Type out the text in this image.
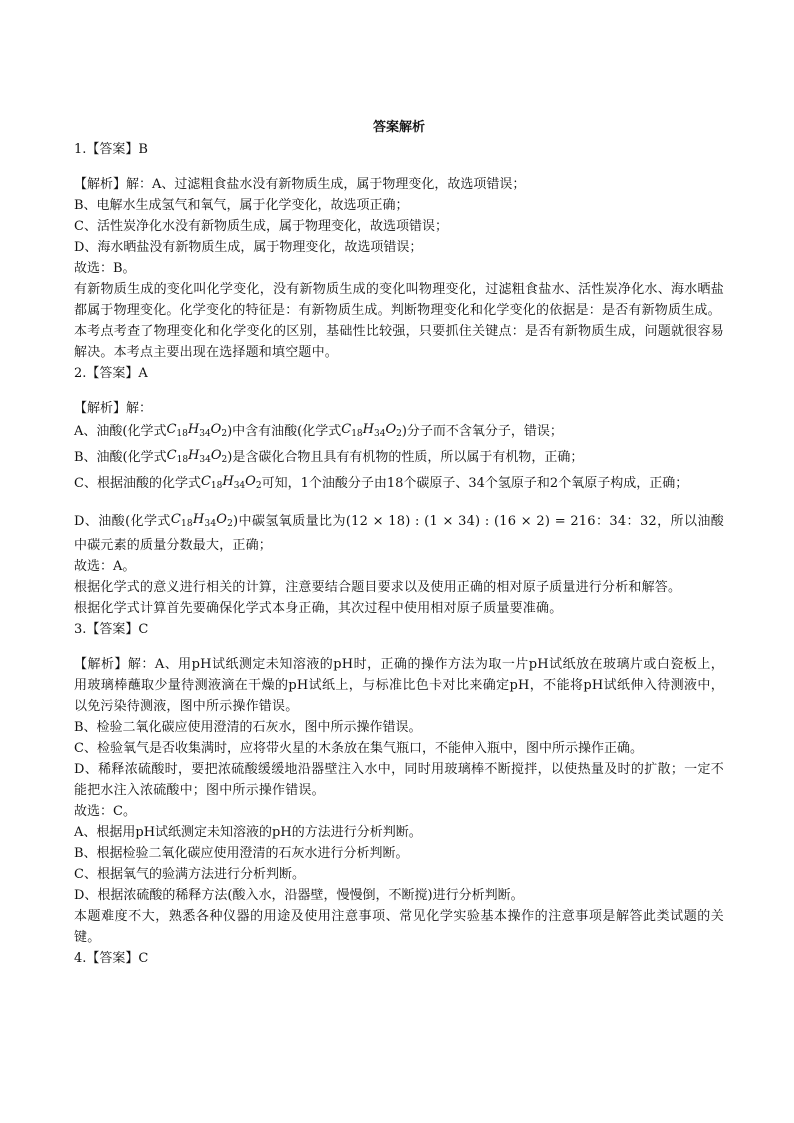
答案解析

1.【答案】B

【解析】解：A、过滤粗食盐水没有新物质生成，属于物理变化，故选项错误；

B、电解水生成氢气和氧气，属于化学变化，故选项正确；

C、活性炭净化水没有新物质生成，属于物理变化，故选项错误；

D、海水晒盐没有新物质生成，属于物理变化，故选项错误；

故选：B。

有新物质生成的变化叫化学变化，没有新物质生成的变化叫物理变化，过滤粗食盐水、活性炭净化水、海水晒盐都属于物理变化。化学变化的特征是：有新物质生成。判断物理变化和化学变化的依据是：是否有新物质生成。

本考点考查了物理变化和化学变化的区别，基础性比较强，只要抓住关键点：是否有新物质生成，问题就很容易解决。本考点主要出现在选择题和填空题中。

2.【答案】A

【解析】解：

A、油酸(化学式$C_{18}H_{34}O_2$)中含有油酸(化学式$C_{18}H_{34}O_2$)分子而不含氧分子，错误；

B、油酸(化学式$C_{18}H_{34}O_2$)是含碳化合物且具有有机物的性质，所以属于有机物，正确；

C、根据油酸的化学式$C_{18}H_{34}O_2$可知，1个油酸分子由18个碳原子、34个氢原子和2个氧原子构成，正确；

D、油酸(化学式$C_{18}H_{34}O_2$)中碳氢氧质量比为(12 × 18) : (1 × 34) : (16 × 2) = 216：34：32，所以油酸中碳元素的质量分数最大，正确；

故选：A。

根据化学式的意义进行相关的计算，注意要结合题目要求以及使用正确的相对原子质量进行分析和解答。

根据化学式计算首先要确保化学式本身正确，其次过程中使用相对原子质量要准确。

3.【答案】C

【解析】解：A、用pH试纸测定未知溶液的pH时，正确的操作方法为取一片pH试纸放在玻璃片或白瓷板上，用玻璃棒蘸取少量待测液滴在干燥的pH试纸上，与标准比色卡对比来确定pH，不能将pH试纸伸入待测液中，以免污染待测液，图中所示操作错误。

B、检验二氧化碳应使用澄清的石灰水，图中所示操作错误。

C、检验氧气是否收集满时，应将带火星的木条放在集气瓶口，不能伸入瓶中，图中所示操作正确。

D、稀释浓硫酸时，要把浓硫酸缓缓地沿器壁注入水中，同时用玻璃棒不断搅拌，以使热量及时的扩散；一定不能把水注入浓硫酸中；图中所示操作错误。

故选：C。

A、根据用pH试纸测定未知溶液的pH的方法进行分析判断。

B、根据检验二氧化碳应使用澄清的石灰水进行分析判断。

C、根据氧气的验满方法进行分析判断。

D、根据浓硫酸的稀释方法(酸入水，沿器壁，慢慢倒，不断搅)进行分析判断。

本题难度不大，熟悉各种仪器的用途及使用注意事项、常见化学实验基本操作的注意事项是解答此类试题的关键。

4.【答案】C
